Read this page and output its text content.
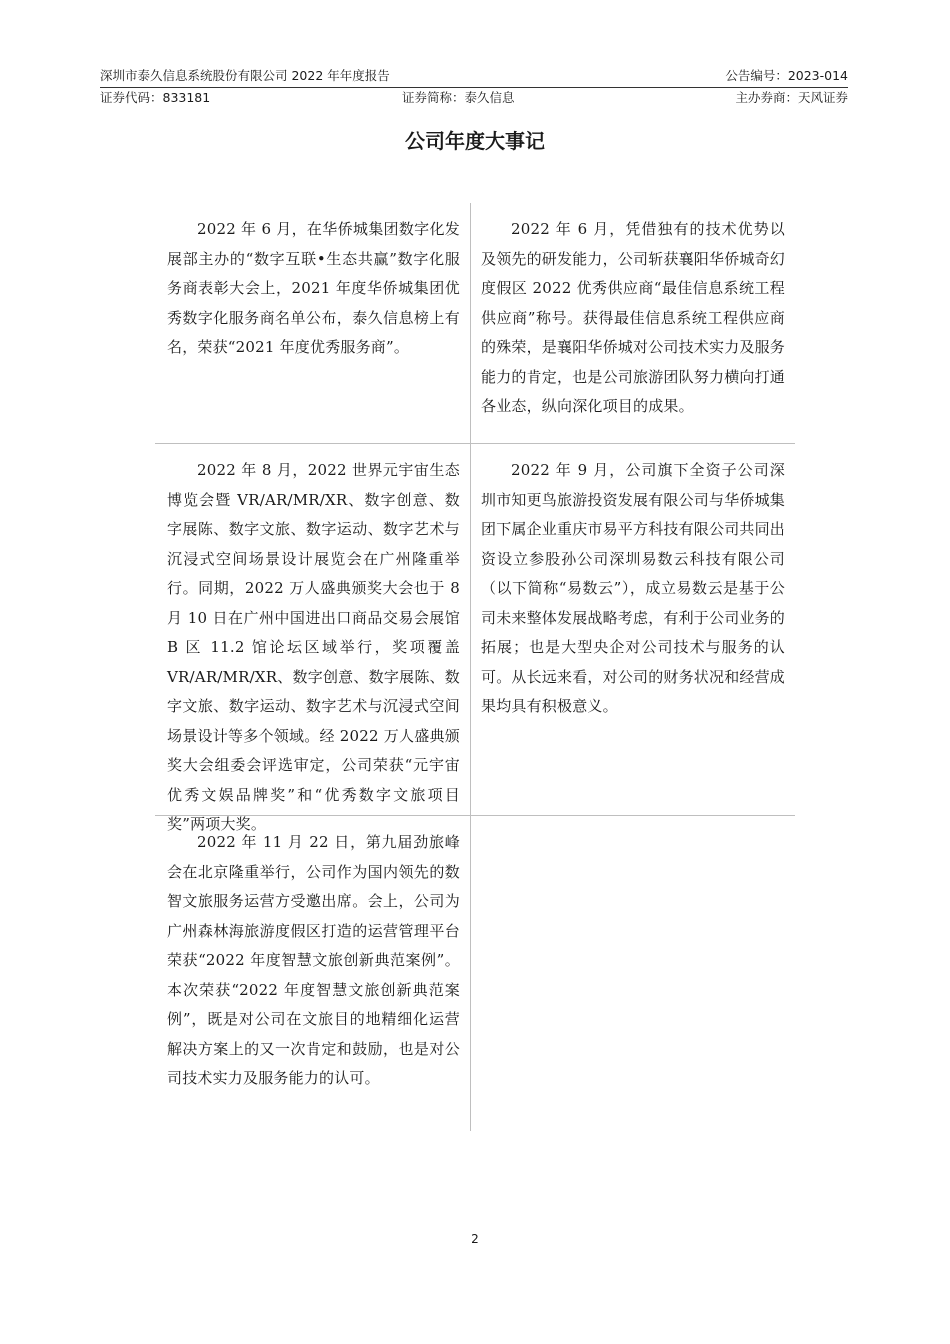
深圳市泰久信息系统股份有限公司 2022 年年度报告	公告编号：2023-014
证券代码：833181	证券简称：泰久信息	主办券商：天风证券
公司年度大事记
2022 年 6 月，在华侨城集团数字化发展部主办的“数字互联•生态共赢”数字化服务商表彰大会上，2021 年度华侨城集团优秀数字化服务商名单公布，泰久信息榜上有名，荣获“2021 年度优秀服务商”。
2022 年 6 月，凭借独有的技术优势以及领先的研发能力，公司斩获襄阳华侨城奇幻度假区 2022 优秀供应商“最佳信息系统工程供应商”称号。获得最佳信息系统工程供应商的殊荣，是襄阳华侨城对公司技术实力及服务能力的肯定，也是公司旅游团队努力横向打通各业态，纵向深化项目的成果。
2022 年 8 月，2022 世界元宇宙生态博览会暨 VR/AR/MR/XR、数字创意、数字展陈、数字文旅、数字运动、数字艺术与沉浸式空间场景设计展览会在广州隆重举行。同期，2022 万人盛典颁奖大会也于 8 月 10 日在广州中国进出口商品交易会展馆 B 区 11.2 馆论坛区域举行，奖项覆盖 VR/AR/MR/XR、数字创意、数字展陈、数字文旅、数字运动、数字艺术与沉浸式空间场景设计等多个领域。经 2022 万人盛典颁奖大会组委会评选审定，公司荣获“元宇宙优秀文娱品牌奖”和“优秀数字文旅项目奖”两项大奖。
2022 年 9 月，公司旗下全资子公司深圳市知更鸟旅游投资发展有限公司与华侨城集团下属企业重庆市易平方科技有限公司共同出资设立参股孙公司深圳易数云科技有限公司（以下简称“易数云”），成立易数云是基于公司未来整体发展战略考虑，有利于公司业务的拓展；也是大型央企对公司技术与服务的认可。从长远来看，对公司的财务状况和经营成果均具有积极意义。
2022 年 11 月 22 日，第九届劲旅峰会在北京隆重举行，公司作为国内领先的数智文旅服务运营方受邀出席。会上，公司为广州森林海旅游度假区打造的运营管理平台荣获“2022 年度智慧文旅创新典范案例”。本次荣获“2022 年度智慧文旅创新典范案例”，既是对公司在文旅目的地精细化运营解决方案上的又一次肯定和鼓励，也是对公司技术实力及服务能力的认可。
2
